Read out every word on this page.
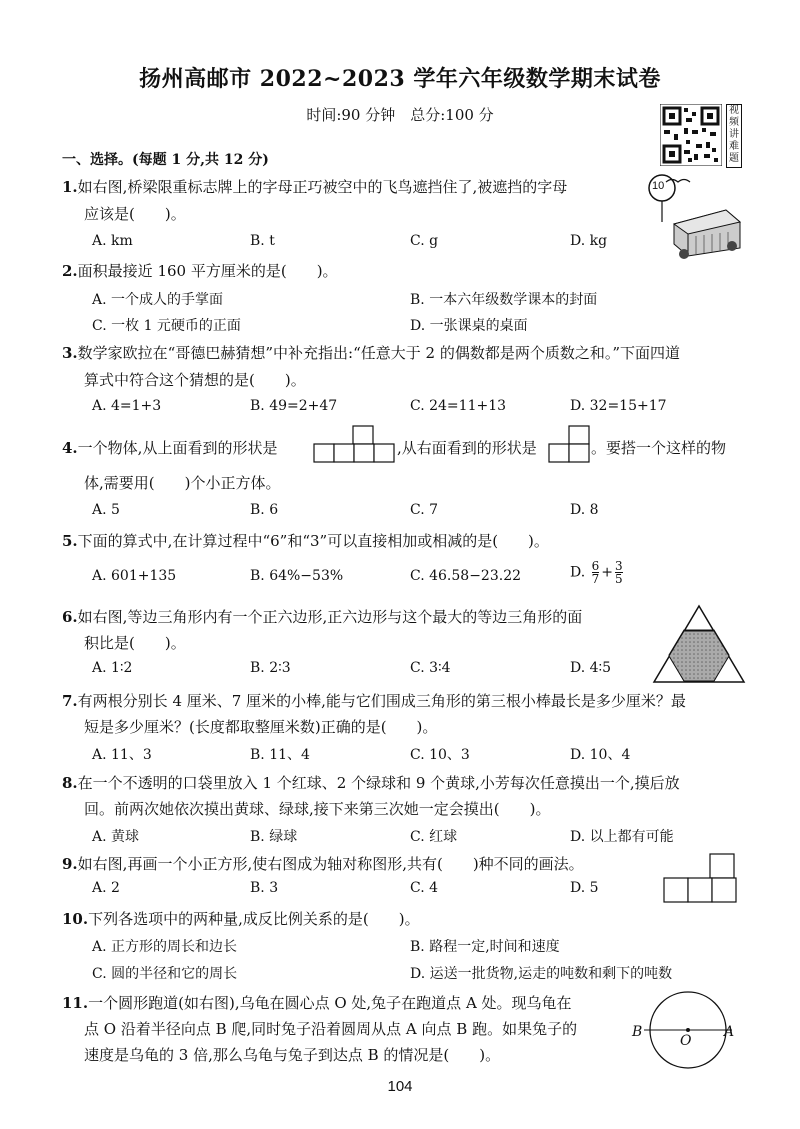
扬州高邮市 2022~2023 学年六年级数学期末试卷
时间:90 分钟　总分:100 分	视频讲难题
一、选择。(每题 1 分,共 12 分)
1.如右图,桥梁限重标志牌上的字母正巧被空中的飞鸟遮挡住了,被遮挡的字母
应该是(　　)。
A. km	B. t	C. g	D. kg
10
2.面积最接近 160 平方厘米的是(　　)。
A. 一个成人的手掌面	B. 一本六年级数学课本的封面
C. 一枚 1 元硬币的正面	D. 一张课桌的桌面
3.数学家欧拉在“哥德巴赫猜想”中补充指出:“任意大于 2 的偶数都是两个质数之和。”下面四道
算式中符合这个猜想的是(　　)。
A. 4=1+3	B. 49=2+47	C. 24=11+13	D. 32=15+17
4.一个物体,从上面看到的形状是	,从右面看到的形状是	。要搭一个这样的物
体,需要用(　　)个小正方体。
A. 5	B. 6	C. 7	D. 8
5.下面的算式中,在计算过程中“6”和“3”可以直接相加或相减的是(　　)。
A. 601+135	B. 64%−53%	C. 46.58−23.22	D. $\frac{6}{7} + \frac{3}{5}$
6.如右图,等边三角形内有一个正六边形,正六边形与这个最大的等边三角形的面
积比是(　　)。
A. 1∶2	B. 2∶3	C. 3∶4	D. 4∶5
7.有两根分别长 4 厘米、7 厘米的小棒,能与它们围成三角形的第三根小棒最长是多少厘米？最
短是多少厘米？(长度都取整厘米数)正确的是(　　)。
A. 11、3	B. 11、4	C. 10、3	D. 10、4
8.在一个不透明的口袋里放入 1 个红球、2 个绿球和 9 个黄球,小芳每次任意摸出一个,摸后放
回。前两次她依次摸出黄球、绿球,接下来第三次她一定会摸出(　　)。
A. 黄球	B. 绿球	C. 红球	D. 以上都有可能
9.如右图,再画一个小正方形,使右图成为轴对称图形,共有(　　)种不同的画法。
A. 2	B. 3	C. 4	D. 5
10.下列各选项中的两种量,成反比例关系的是(　　)。
A. 正方形的周长和边长	B. 路程一定,时间和速度
C. 圆的半径和它的周长	D. 运送一批货物,运走的吨数和剩下的吨数
11.一个圆形跑道(如右图),乌龟在圆心点 O 处,兔子在跑道点 A 处。现乌龟在
点 O 沿着半径向点 B 爬,同时兔子沿着圆周从点 A 向点 B 跑。如果兔子的
速度是乌龟的 3 倍,那么乌龟与兔子到达点 B 的情况是(　　)。
B	A
O
104
